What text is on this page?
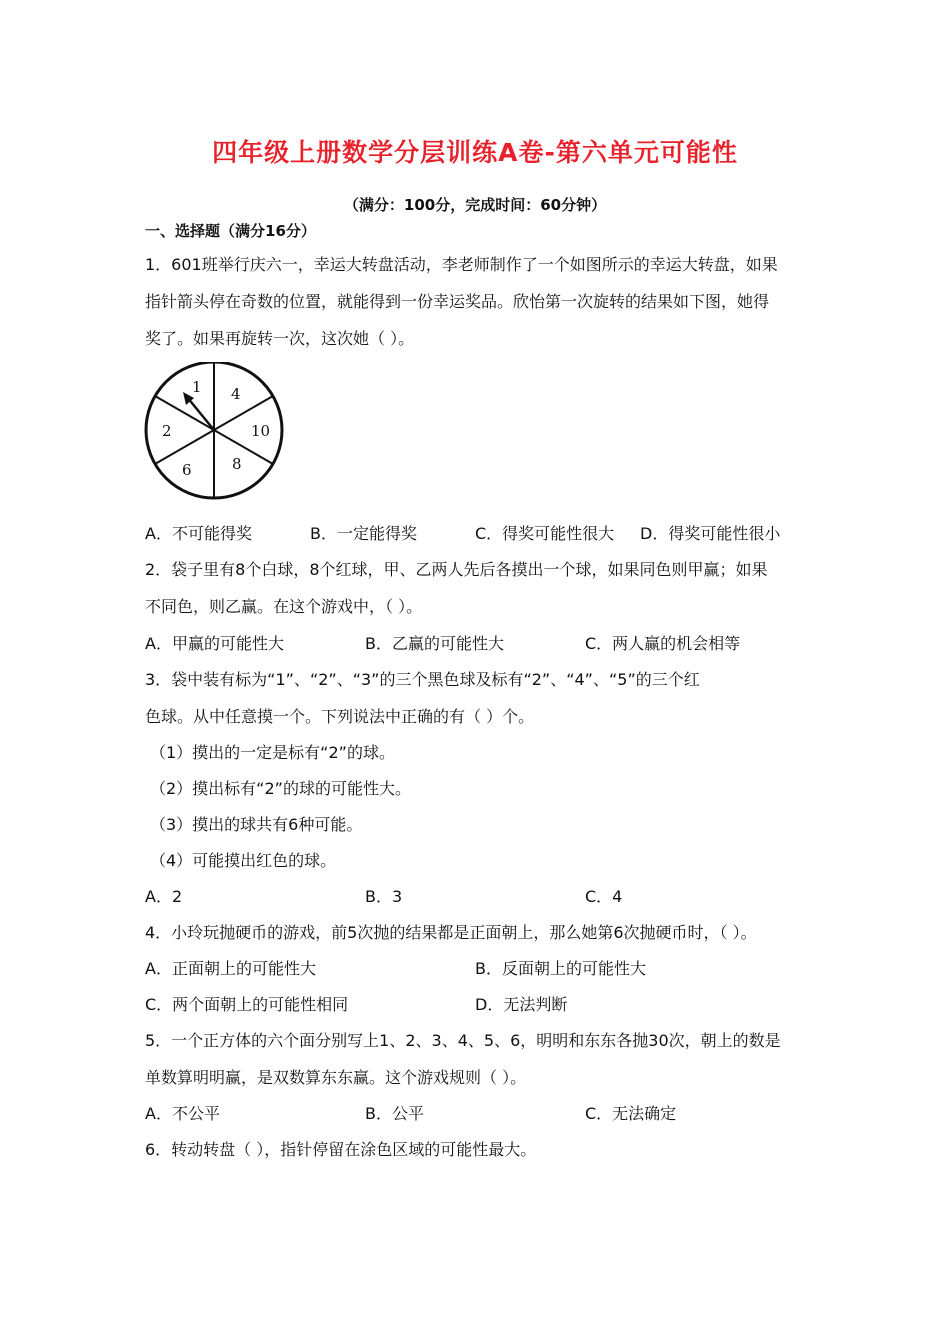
四年级上册数学分层训练A卷-第六单元可能性
（满分：100分，完成时间：60分钟）
一、选择题（满分16分）
1．601班举行庆六一，幸运大转盘活动，李老师制作了一个如图所示的幸运大转盘，如果
指针箭头停在奇数的位置，就能得到一份幸运奖品。欣怡第一次旋转的结果如下图，她得
奖了。如果再旋转一次，这次她（ ）。
1 4
10
8
6
2
A．不可能得奖	B．一定能得奖	C．得奖可能性很大 D．得奖可能性很小
2．袋子里有8个白球，8个红球，甲、乙两人先后各摸出一个球，如果同色则甲赢；如果
不同色，则乙赢。在这个游戏中，（ ）。
A．甲赢的可能性大	B．乙赢的可能性大	C．两人赢的机会相等
3．袋中装有标为“1”、“2”、“3”的三个黑色球及标有“2”、“4”、“5”的三个红
色球。从中任意摸一个。下列说法中正确的有（ ）个。
（1）摸出的一定是标有“2”的球。
（2）摸出标有“2”的球的可能性大。
（3）摸出的球共有6种可能。
（4）可能摸出红色的球。
A．2	B．3	C．4
4．小玲玩抛硬币的游戏，前5次抛的结果都是正面朝上，那么她第6次抛硬币时，（ ）。
A．正面朝上的可能性大	B．反面朝上的可能性大
C．两个面朝上的可能性相同	D．无法判断
5．一个正方体的六个面分别写上1、2、3、4、5、6，明明和东东各抛30次，朝上的数是
单数算明明赢，是双数算东东赢。这个游戏规则（ ）。
A．不公平	B．公平	C．无法确定
6．转动转盘（ ），指针停留在涂色区域的可能性最大。
